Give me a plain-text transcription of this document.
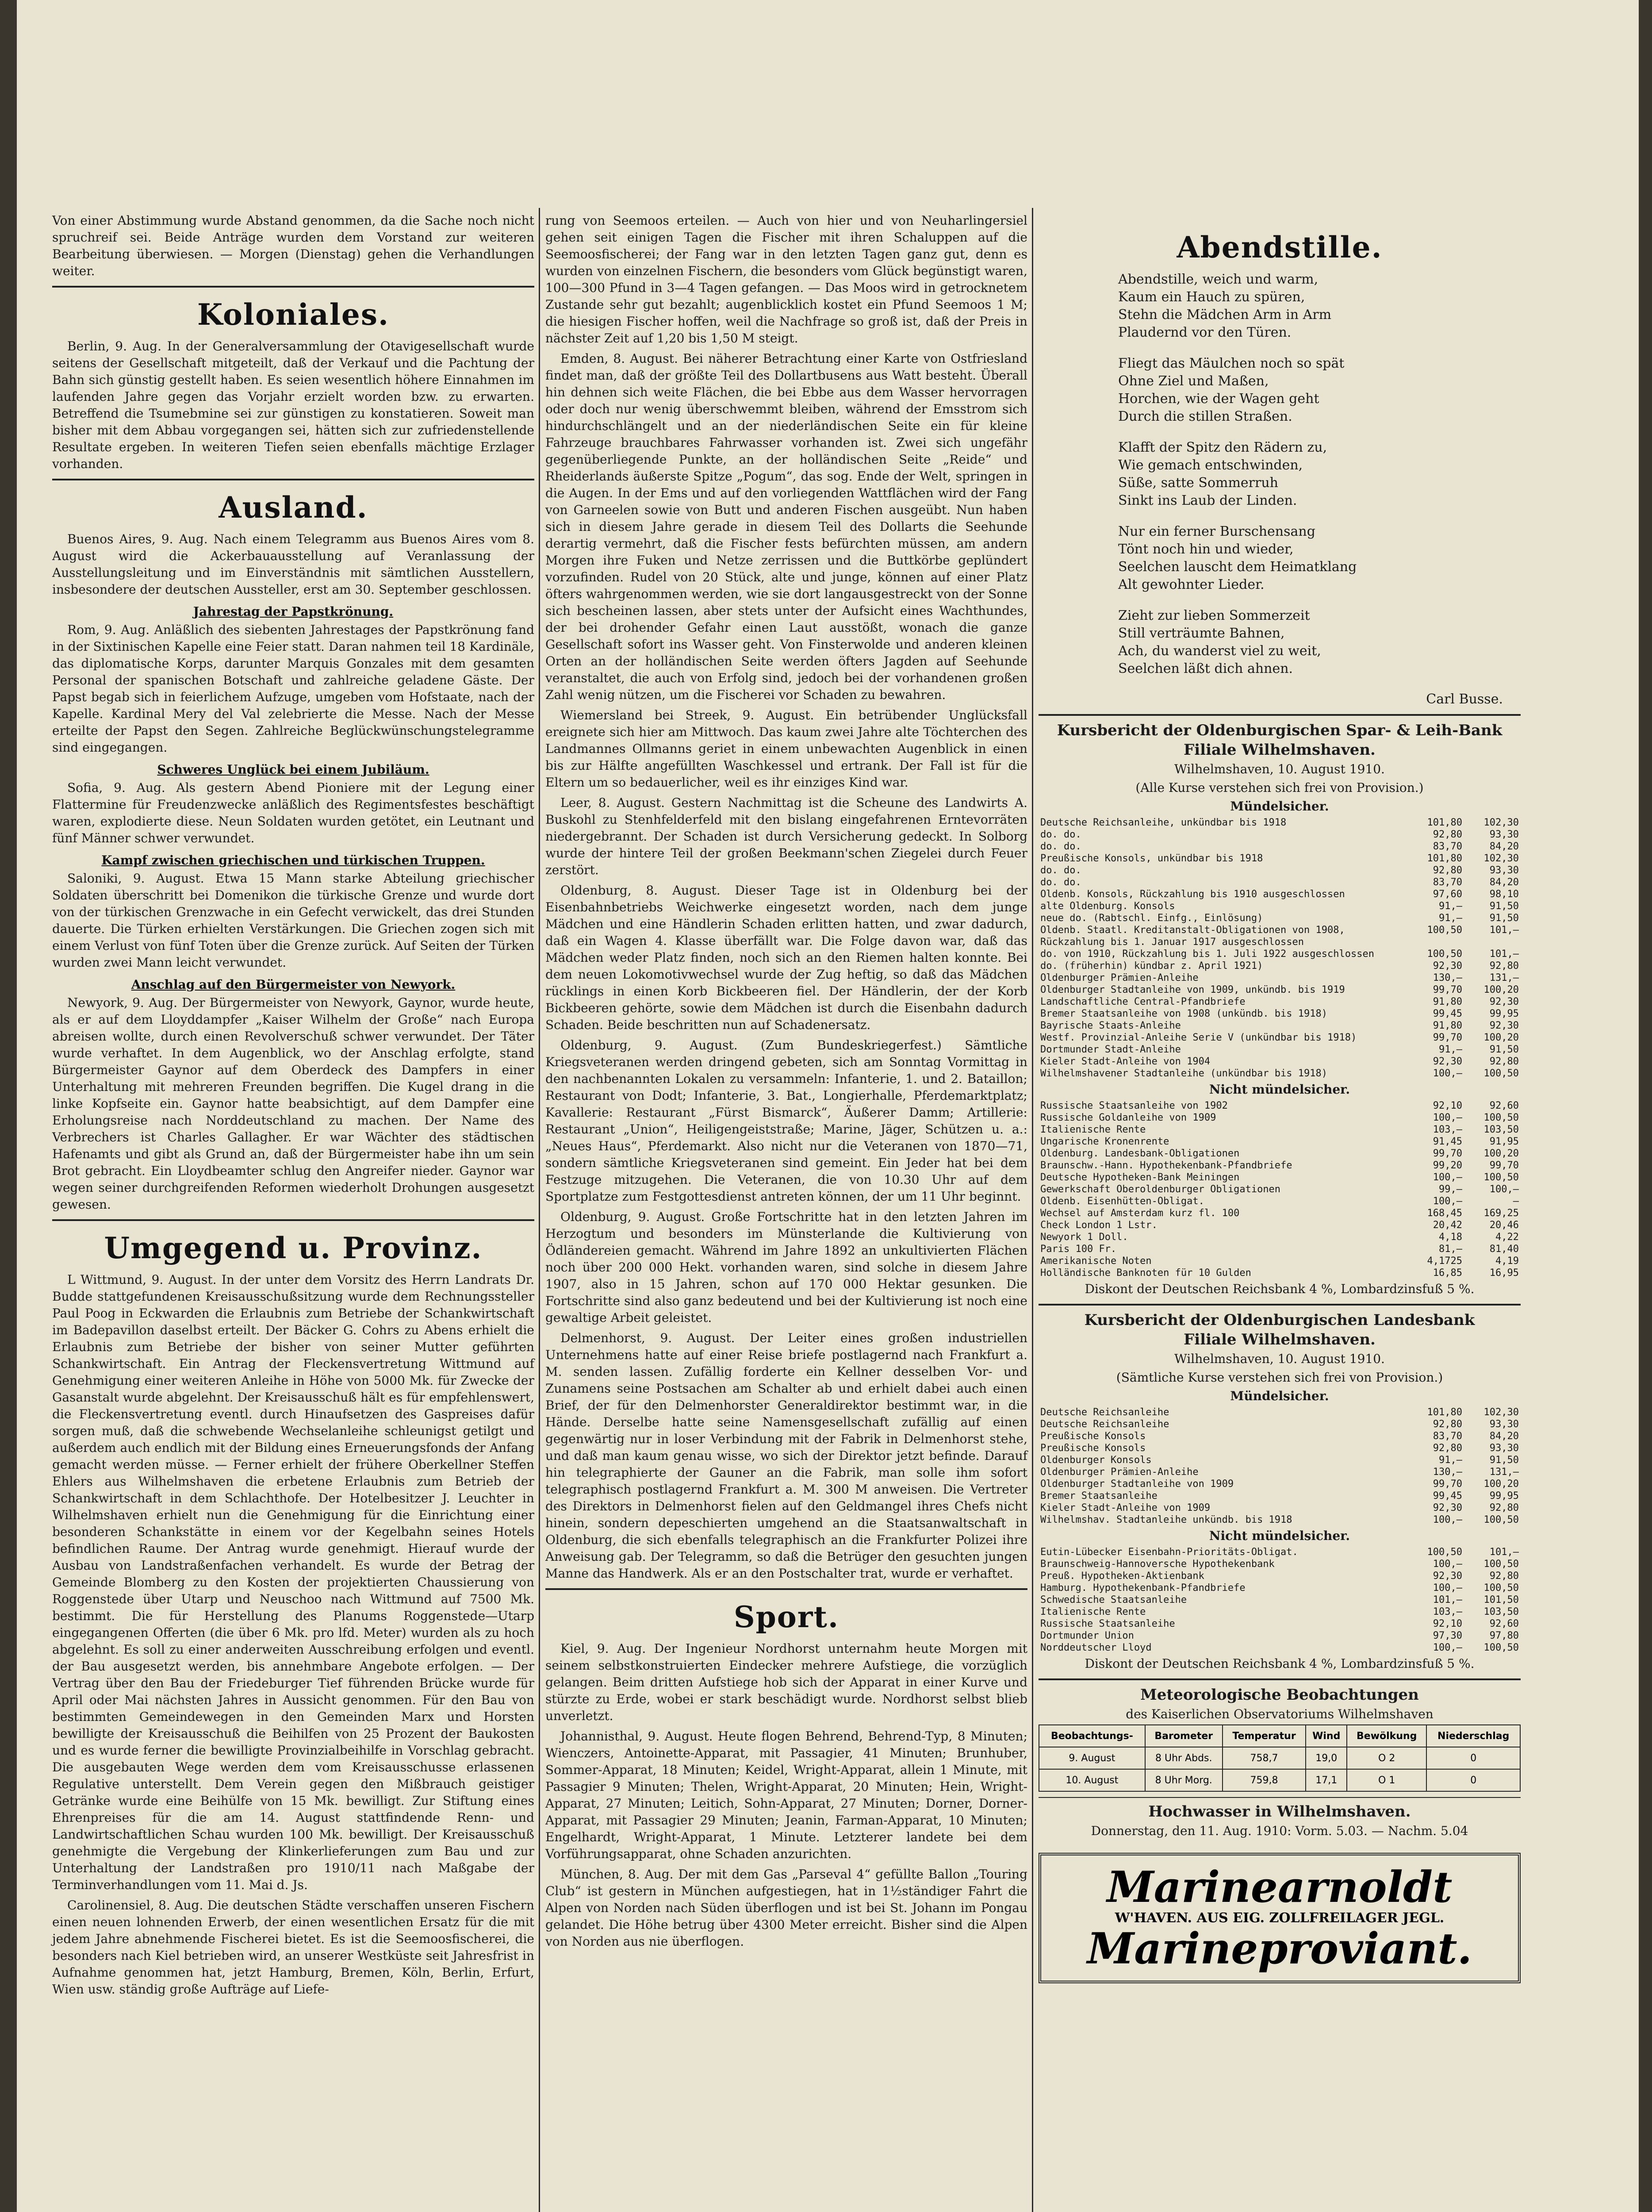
Von einer Abstimmung wurde Abstand genommen, da die Sache noch nicht spruchreif sei. Beide Anträge wurden dem Vorstand zur weiteren Bearbeitung überwiesen. — Morgen (Dienstag) gehen die Verhandlungen weiter.

Koloniales.

Berlin, 9. Aug. In der Generalversammlung der Otavigesellschaft wurde seitens der Gesellschaft mitgeteilt, daß der Verkauf und die Pachtung der Bahn sich günstig gestellt haben. Es seien wesentlich höhere Einnahmen im laufenden Jahre gegen das Vorjahr erzielt worden bzw. zu erwarten. Betreffend die Tsumebmine sei zur günstigen zu konstatieren. Soweit man bisher mit dem Abbau vorgegangen sei, hätten sich zur zufriedenstellende Resultate ergeben. In weiteren Tiefen seien ebenfalls mächtige Erzlager vorhanden.

Ausland.

Buenos Aires, 9. Aug. Nach einem Telegramm aus Buenos Aires vom 8. August wird die Ackerbauausstellung auf Veranlassung der Ausstellungsleitung und im Einverständnis mit sämtlichen Ausstellern, insbesondere der deutschen Aussteller, erst am 30. September geschlossen.

Jahrestag der Papstkrönung.

Rom, 9. Aug. Anläßlich des siebenten Jahrestages der Papstkrönung fand in der Sixtinischen Kapelle eine Feier statt. Daran nahmen teil 18 Kardinäle, das diplomatische Korps, darunter Marquis Gonzales mit dem gesamten Personal der spanischen Botschaft und zahlreiche geladene Gäste. Der Papst begab sich in feierlichem Aufzuge, umgeben vom Hofstaate, nach der Kapelle. Kardinal Mery del Val zelebrierte die Messe. Nach der Messe erteilte der Papst den Segen. Zahlreiche Beglückwünschungstelegramme sind eingegangen.

Schweres Unglück bei einem Jubiläum.

Sofia, 9. Aug. Als gestern Abend Pioniere mit der Legung einer Flattermine für Freudenzwecke anläßlich des Regimentsfestes beschäftigt waren, explodierte diese. Neun Soldaten wurden getötet, ein Leutnant und fünf Männer schwer verwundet.

Kampf zwischen griechischen und türkischen Truppen.

Saloniki, 9. August. Etwa 15 Mann starke Abteilung griechischer Soldaten überschritt bei Domenikon die türkische Grenze und wurde dort von der türkischen Grenzwache in ein Gefecht verwickelt, das drei Stunden dauerte. Die Türken erhielten Verstärkungen. Die Griechen zogen sich mit einem Verlust von fünf Toten über die Grenze zurück. Auf Seiten der Türken wurden zwei Mann leicht verwundet.

Anschlag auf den Bürgermeister von Newyork.

Newyork, 9. Aug. Der Bürgermeister von Newyork, Gaynor, wurde heute, als er auf dem Lloyddampfer „Kaiser Wilhelm der Große“ nach Europa abreisen wollte, durch einen Revolverschuß schwer verwundet. Der Täter wurde verhaftet. In dem Augenblick, wo der Anschlag erfolgte, stand Bürgermeister Gaynor auf dem Oberdeck des Dampfers in einer Unterhaltung mit mehreren Freunden begriffen. Die Kugel drang in die linke Kopfseite ein. Gaynor hatte beabsichtigt, auf dem Dampfer eine Erholungsreise nach Norddeutschland zu machen. Der Name des Verbrechers ist Charles Gallagher. Er war Wächter des städtischen Hafenamts und gibt als Grund an, daß der Bürgermeister habe ihn um sein Brot gebracht. Ein Lloydbeamter schlug den Angreifer nieder. Gaynor war wegen seiner durchgreifenden Reformen wiederholt Drohungen ausgesetzt gewesen.

Umgegend u. Provinz.

L Wittmund, 9. August. In der unter dem Vorsitz des Herrn Landrats Dr. Budde stattgefundenen Kreisausschußsitzung wurde dem Rechnungssteller Paul Poog in Eckwarden die Erlaubnis zum Betriebe der Schankwirtschaft im Badepavillon daselbst erteilt. Der Bäcker G. Cohrs zu Abens erhielt die Erlaubnis zum Betriebe der bisher von seiner Mutter geführten Schankwirtschaft. Ein Antrag der Fleckensvertretung Wittmund auf Genehmigung einer weiteren Anleihe in Höhe von 5000 Mk. für Zwecke der Gasanstalt wurde abgelehnt. Der Kreisausschuß hält es für empfehlenswert, die Fleckensvertretung eventl. durch Hinaufsetzen des Gaspreises dafür sorgen muß, daß die schwebende Wechselanleihe schleunigst getilgt und außerdem auch endlich mit der Bildung eines Erneuerungsfonds der Anfang gemacht werden müsse. — Ferner erhielt der frühere Oberkellner Steffen Ehlers aus Wilhelmshaven die erbetene Erlaubnis zum Betrieb der Schankwirtschaft in dem Schlachthofe. Der Hotelbesitzer J. Leuchter in Wilhelmshaven erhielt nun die Genehmigung für die Einrichtung einer besonderen Schankstätte in einem vor der Kegelbahn seines Hotels befindlichen Raume. Der Antrag wurde genehmigt. Hierauf wurde der Ausbau von Landstraßenfachen verhandelt. Es wurde der Betrag der Gemeinde Blomberg zu den Kosten der projektierten Chaussierung von Roggenstede über Utarp und Neuschoo nach Wittmund auf 7500 Mk. bestimmt. Die für Herstellung des Planums Roggenstede—Utarp eingegangenen Offerten (die über 6 Mk. pro lfd. Meter) wurden als zu hoch abgelehnt. Es soll zu einer anderweiten Ausschreibung erfolgen und eventl. der Bau ausgesetzt werden, bis annehmbare Angebote erfolgen. — Der Vertrag über den Bau der Friedeburger Tief führenden Brücke wurde für April oder Mai nächsten Jahres in Aussicht genommen. Für den Bau von bestimmten Gemeindewegen in den Gemeinden Marx und Horsten bewilligte der Kreisausschuß die Beihilfen von 25 Prozent der Baukosten und es wurde ferner die bewilligte Provinzialbeihilfe in Vorschlag gebracht. Die ausgebauten Wege werden dem vom Kreisausschusse erlassenen Regulative unterstellt. Dem Verein gegen den Mißbrauch geistiger Getränke wurde eine Beihülfe von 15 Mk. bewilligt. Zur Stiftung eines Ehrenpreises für die am 14. August stattfindende Renn- und Landwirtschaftlichen Schau wurden 100 Mk. bewilligt. Der Kreisausschuß genehmigte die Vergebung der Klinkerlieferungen zum Bau und zur Unterhaltung der Landstraßen pro 1910/11 nach Maßgabe der Terminverhandlungen vom 11. Mai d. Js.

Carolinensiel, 8. Aug. Die deutschen Städte verschaffen unseren Fischern einen neuen lohnenden Erwerb, der einen wesentlichen Ersatz für die mit jedem Jahre abnehmende Fischerei bietet. Es ist die Seemoosfischerei, die besonders nach Kiel betrieben wird, an unserer Westküste seit Jahresfrist in Aufnahme genommen hat, jetzt Hamburg, Bremen, Köln, Berlin, Erfurt, Wien usw. ständig große Aufträge auf Liefe-

rung von Seemoos erteilen. — Auch von hier und von Neuharlingersiel gehen seit einigen Tagen die Fischer mit ihren Schaluppen auf die Seemoosfischerei; der Fang war in den letzten Tagen ganz gut, denn es wurden von einzelnen Fischern, die besonders vom Glück begünstigt waren, 100—300 Pfund in 3—4 Tagen gefangen. — Das Moos wird in getrocknetem Zustande sehr gut bezahlt; augenblicklich kostet ein Pfund Seemoos 1 M; die hiesigen Fischer hoffen, weil die Nachfrage so groß ist, daß der Preis in nächster Zeit auf 1,20 bis 1,50 M steigt.

Emden, 8. August. Bei näherer Betrachtung einer Karte von Ostfriesland findet man, daß der größte Teil des Dollartbusens aus Watt besteht. Überall hin dehnen sich weite Flächen, die bei Ebbe aus dem Wasser hervorragen oder doch nur wenig überschwemmt bleiben, während der Emsstrom sich hindurchschlängelt und an der niederländischen Seite ein für kleine Fahrzeuge brauchbares Fahrwasser vorhanden ist. Zwei sich ungefähr gegenüberliegende Punkte, an der holländischen Seite „Reide“ und Rheiderlands äußerste Spitze „Pogum“, das sog. Ende der Welt, springen in die Augen. In der Ems und auf den vorliegenden Wattflächen wird der Fang von Garneelen sowie von Butt und anderen Fischen ausgeübt. Nun haben sich in diesem Jahre gerade in diesem Teil des Dollarts die Seehunde derartig vermehrt, daß die Fischer fests befürchten müssen, am andern Morgen ihre Fuken und Netze zerrissen und die Buttkörbe geplündert vorzufinden. Rudel von 20 Stück, alte und junge, können auf einer Platz öfters wahrgenommen werden, wie sie dort langausgestreckt von der Sonne sich bescheinen lassen, aber stets unter der Aufsicht eines Wachthundes, der bei drohender Gefahr einen Laut ausstößt, wonach die ganze Gesellschaft sofort ins Wasser geht. Von Finsterwolde und anderen kleinen Orten an der holländischen Seite werden öfters Jagden auf Seehunde veranstaltet, die auch von Erfolg sind, jedoch bei der vorhandenen großen Zahl wenig nützen, um die Fischerei vor Schaden zu bewahren.

Wiemersland bei Streek, 9. August. Ein betrübender Unglücksfall ereignete sich hier am Mittwoch. Das kaum zwei Jahre alte Töchterchen des Landmannes Ollmanns geriet in einem unbewachten Augenblick in einen bis zur Hälfte angefüllten Waschkessel und ertrank. Der Fall ist für die Eltern um so bedauerlicher, weil es ihr einziges Kind war.

Leer, 8. August. Gestern Nachmittag ist die Scheune des Landwirts A. Buskohl zu Stenhfelderfeld mit den bislang eingefahrenen Erntevorräten niedergebrannt. Der Schaden ist durch Versicherung gedeckt. In Solborg wurde der hintere Teil der großen Beekmann'schen Ziegelei durch Feuer zerstört.

Oldenburg, 8. August. Dieser Tage ist in Oldenburg bei der Eisenbahnbetriebs Weichwerke eingesetzt worden, nach dem junge Mädchen und eine Händlerin Schaden erlitten hatten, und zwar dadurch, daß ein Wagen 4. Klasse überfällt war. Die Folge davon war, daß das Mädchen weder Platz finden, noch sich an den Riemen halten konnte. Bei dem neuen Lokomotivwechsel wurde der Zug heftig, so daß das Mädchen rücklings in einen Korb Bickbeeren fiel. Der Händlerin, der der Korb Bickbeeren gehörte, sowie dem Mädchen ist durch die Eisenbahn dadurch Schaden. Beide beschritten nun auf Schadenersatz.

Oldenburg, 9. August. (Zum Bundeskriegerfest.) Sämtliche Kriegsveteranen werden dringend gebeten, sich am Sonntag Vormittag in den nachbenannten Lokalen zu versammeln: Infanterie, 1. und 2. Bataillon; Restaurant von Dodt; Infanterie, 3. Bat., Longierhalle, Pferdemarktplatz; Kavallerie: Restaurant „Fürst Bismarck“, Äußerer Damm; Artillerie: Restaurant „Union“, Heiligengeiststraße; Marine, Jäger, Schützen u. a.: „Neues Haus“, Pferdemarkt. Also nicht nur die Veteranen von 1870—71, sondern sämtliche Kriegsveteranen sind gemeint. Ein Jeder hat bei dem Festzuge mitzugehen. Die Veteranen, die von 10.30 Uhr auf dem Sportplatze zum Festgottesdienst antreten können, der um 11 Uhr beginnt.

Oldenburg, 9. August. Große Fortschritte hat in den letzten Jahren im Herzogtum und besonders im Münsterlande die Kultivierung von Ödländereien gemacht. Während im Jahre 1892 an unkultivierten Flächen noch über 200 000 Hekt. vorhanden waren, sind solche in diesem Jahre 1907, also in 15 Jahren, schon auf 170 000 Hektar gesunken. Die Fortschritte sind also ganz bedeutend und bei der Kultivierung ist noch eine gewaltige Arbeit geleistet.

Delmenhorst, 9. August. Der Leiter eines großen industriellen Unternehmens hatte auf einer Reise briefe postlagernd nach Frankfurt a. M. senden lassen. Zufällig forderte ein Kellner desselben Vor- und Zunamens seine Postsachen am Schalter ab und erhielt dabei auch einen Brief, der für den Delmenhorster Generaldirektor bestimmt war, in die Hände. Derselbe hatte seine Namensgesellschaft zufällig auf einen gegenwärtig nur in loser Verbindung mit der Fabrik in Delmenhorst stehe, und daß man kaum genau wisse, wo sich der Direktor jetzt befinde. Darauf hin telegraphierte der Gauner an die Fabrik, man solle ihm sofort telegraphisch postlagernd Frankfurt a. M. 300 M anweisen. Die Vertreter des Direktors in Delmenhorst fielen auf den Geldmangel ihres Chefs nicht hinein, sondern depeschierten umgehend an die Staatsanwaltschaft in Oldenburg, die sich ebenfalls telegraphisch an die Frankfurter Polizei ihre Anweisung gab. Der Telegramm, so daß die Betrüger den gesuchten jungen Manne das Handwerk. Als er an den Postschalter trat, wurde er verhaftet.

Sport.

Kiel, 9. Aug. Der Ingenieur Nordhorst unternahm heute Morgen mit seinem selbstkonstruierten Eindecker mehrere Aufstiege, die vorzüglich gelangen. Beim dritten Aufstiege hob sich der Apparat in einer Kurve und stürzte zu Erde, wobei er stark beschädigt wurde. Nordhorst selbst blieb unverletzt.

Johannisthal, 9. August. Heute flogen Behrend, Behrend-Typ, 8 Minuten; Wienczers, Antoinette-Apparat, mit Passagier, 41 Minuten; Brunhuber, Sommer-Apparat, 18 Minuten; Keidel, Wright-Apparat, allein 1 Minute, mit Passagier 9 Minuten; Thelen, Wright-Apparat, 20 Minuten; Hein, Wright-Apparat, 27 Minuten; Leitich, Sohn-Apparat, 27 Minuten; Dorner, Dorner-Apparat, mit Passagier 29 Minuten; Jeanin, Farman-Apparat, 10 Minuten; Engelhardt, Wright-Apparat, 1 Minute. Letzterer landete bei dem Vorführungsapparat, ohne Schaden anzurichten.

München, 8. Aug. Der mit dem Gas „Parseval 4“ gefüllte Ballon „Touring Club“ ist gestern in München aufgestiegen, hat in 1½ständiger Fahrt die Alpen von Norden nach Süden überflogen und ist bei St. Johann im Pongau gelandet. Die Höhe betrug über 4300 Meter erreicht. Bisher sind die Alpen von Norden aus nie überflogen.

Abendstille.

Abendstille, weich und warm,

Kaum ein Hauch zu spüren,

Stehn die Mädchen Arm in Arm

Plaudernd vor den Türen.

Fliegt das Mäulchen noch so spät

Ohne Ziel und Maßen,

Horchen, wie der Wagen geht

Durch die stillen Straßen.

Klafft der Spitz den Rädern zu,

Wie gemach entschwinden,

Süße, satte Sommerruh

Sinkt ins Laub der Linden.

Nur ein ferner Burschensang

Tönt noch hin und wieder,

Seelchen lauscht dem Heimatklang

Alt gewohnter Lieder.

Zieht zur lieben Sommerzeit

Still verträumte Bahnen,

Ach, du wanderst viel zu weit,

Seelchen läßt dich ahnen.

Carl Busse.

Kursbericht der Oldenburgischen Spar- & Leih-Bank

Filiale Wilhelmshaven.

Wilhelmshaven, 10. August 1910.

(Alle Kurse verstehen sich frei von Provision.)

Mündelsicher.

Deutsche Reichsanleihe, unkündbar bis 1918	101,80	102,30
do. do.	92,80	93,30
do. do.	83,70	84,20
Preußische Konsols, unkündbar bis 1918	101,80	102,30
do. do.	92,80	93,30
do. do.	83,70	84,20
Oldenb. Konsols, Rückzahlung bis 1910 ausgeschlossen	97,60	98,10
alte Oldenburg. Konsols	91,—	91,50
neue do. (Rabtschl. Einfg., Einlösung)	91,—	91,50
Oldenb. Staatl. Kreditanstalt-Obligationen von 1908, Rückzahlung bis 1. Januar 1917 ausgeschlossen	100,50	101,—
do. von 1910, Rückzahlung bis 1. Juli 1922 ausgeschlossen	100,50	101,—
do. (früherhin) kündbar z. April 1921)	92,30	92,80
Oldenburger Prämien-Anleihe	130,—	131,—
Oldenburger Stadtanleihe von 1909, unkündb. bis 1919	99,70	100,20
Landschaftliche Central-Pfandbriefe	91,80	92,30
Bremer Staatsanleihe von 1908 (unkündb. bis 1918)	99,45	99,95
Bayrische Staats-Anleihe	91,80	92,30
Westf. Provinzial-Anleihe Serie V (unkündbar bis 1918)	99,70	100,20
Dortmunder Stadt-Anleihe	91,—	91,50
Kieler Stadt-Anleihe von 1904	92,30	92,80
Wilhelmshavener Stadtanleihe (unkündbar bis 1918)	100,—	100,50

Nicht mündelsicher.

Russische Staatsanleihe von 1902	92,10	92,60
Russische Goldanleihe von 1909	100,—	100,50
Italienische Rente	103,—	103,50
Ungarische Kronenrente	91,45	91,95
Oldenburg. Landesbank-Obligationen	99,70	100,20
Braunschw.-Hann. Hypothekenbank-Pfandbriefe	99,20	99,70
Deutsche Hypotheken-Bank Meiningen	100,—	100,50
Gewerkschaft Oberoldenburger Obligationen	99,—	100,—
Oldenb. Eisenhütten-Obligat.	100,—	—
Wechsel auf Amsterdam kurz fl. 100	168,45	169,25
Check London 1 Lstr.	20,42	20,46
Newyork 1 Doll.	4,18	4,22
Paris 100 Fr.	81,—	81,40
Amerikanische Noten	4,1725	4,19
Holländische Banknoten für 10 Gulden	16,85	16,95

Diskont der Deutschen Reichsbank 4 %, Lombardzinsfuß 5 %.

Kursbericht der Oldenburgischen Landesbank

Filiale Wilhelmshaven.

Wilhelmshaven, 10. August 1910.

(Sämtliche Kurse verstehen sich frei von Provision.)

Mündelsicher.

Deutsche Reichsanleihe	101,80	102,30
Deutsche Reichsanleihe	92,80	93,30
Preußische Konsols	83,70	84,20
Preußische Konsols	92,80	93,30
Oldenburger Konsols	91,—	91,50
Oldenburger Prämien-Anleihe	130,—	131,—
Oldenburger Stadtanleihe von 1909	99,70	100,20
Bremer Staatsanleihe	99,45	99,95
Kieler Stadt-Anleihe von 1909	92,30	92,80
Wilhelmshav. Stadtanleihe unkündb. bis 1918	100,—	100,50

Nicht mündelsicher.

Eutin-Lübecker Eisenbahn-Prioritäts-Obligat.	100,50	101,—
Braunschweig-Hannoversche Hypothekenbank	100,—	100,50
Preuß. Hypotheken-Aktienbank	92,30	92,80
Hamburg. Hypothekenbank-Pfandbriefe	100,—	100,50
Schwedische Staatsanleihe	101,—	101,50
Italienische Rente	103,—	103,50
Russische Staatsanleihe	92,10	92,60
Dortmunder Union	97,30	97,80
Norddeutscher Lloyd	100,—	100,50

Diskont der Deutschen Reichsbank 4 %, Lombardzinsfuß 5 %.

Meteorologische Beobachtungen

des Kaiserlichen Observatoriums Wilhelmshaven

Beobachtungs-	Barometer	Temperatur	Wind	Bewölkung	Niederschlag
9. August	8 Uhr Abds.	758,7	19,0	O 2	0
10. August	8 Uhr Morg.	759,8	17,1	O 1	0

Hochwasser in Wilhelmshaven.

Donnerstag, den 11. Aug. 1910: Vorm. 5.03. — Nachm. 5.04

Marinearnoldt
W'HAVEN. AUS EIG. ZOLLFREILAGER JEGL.
Marineproviant.
